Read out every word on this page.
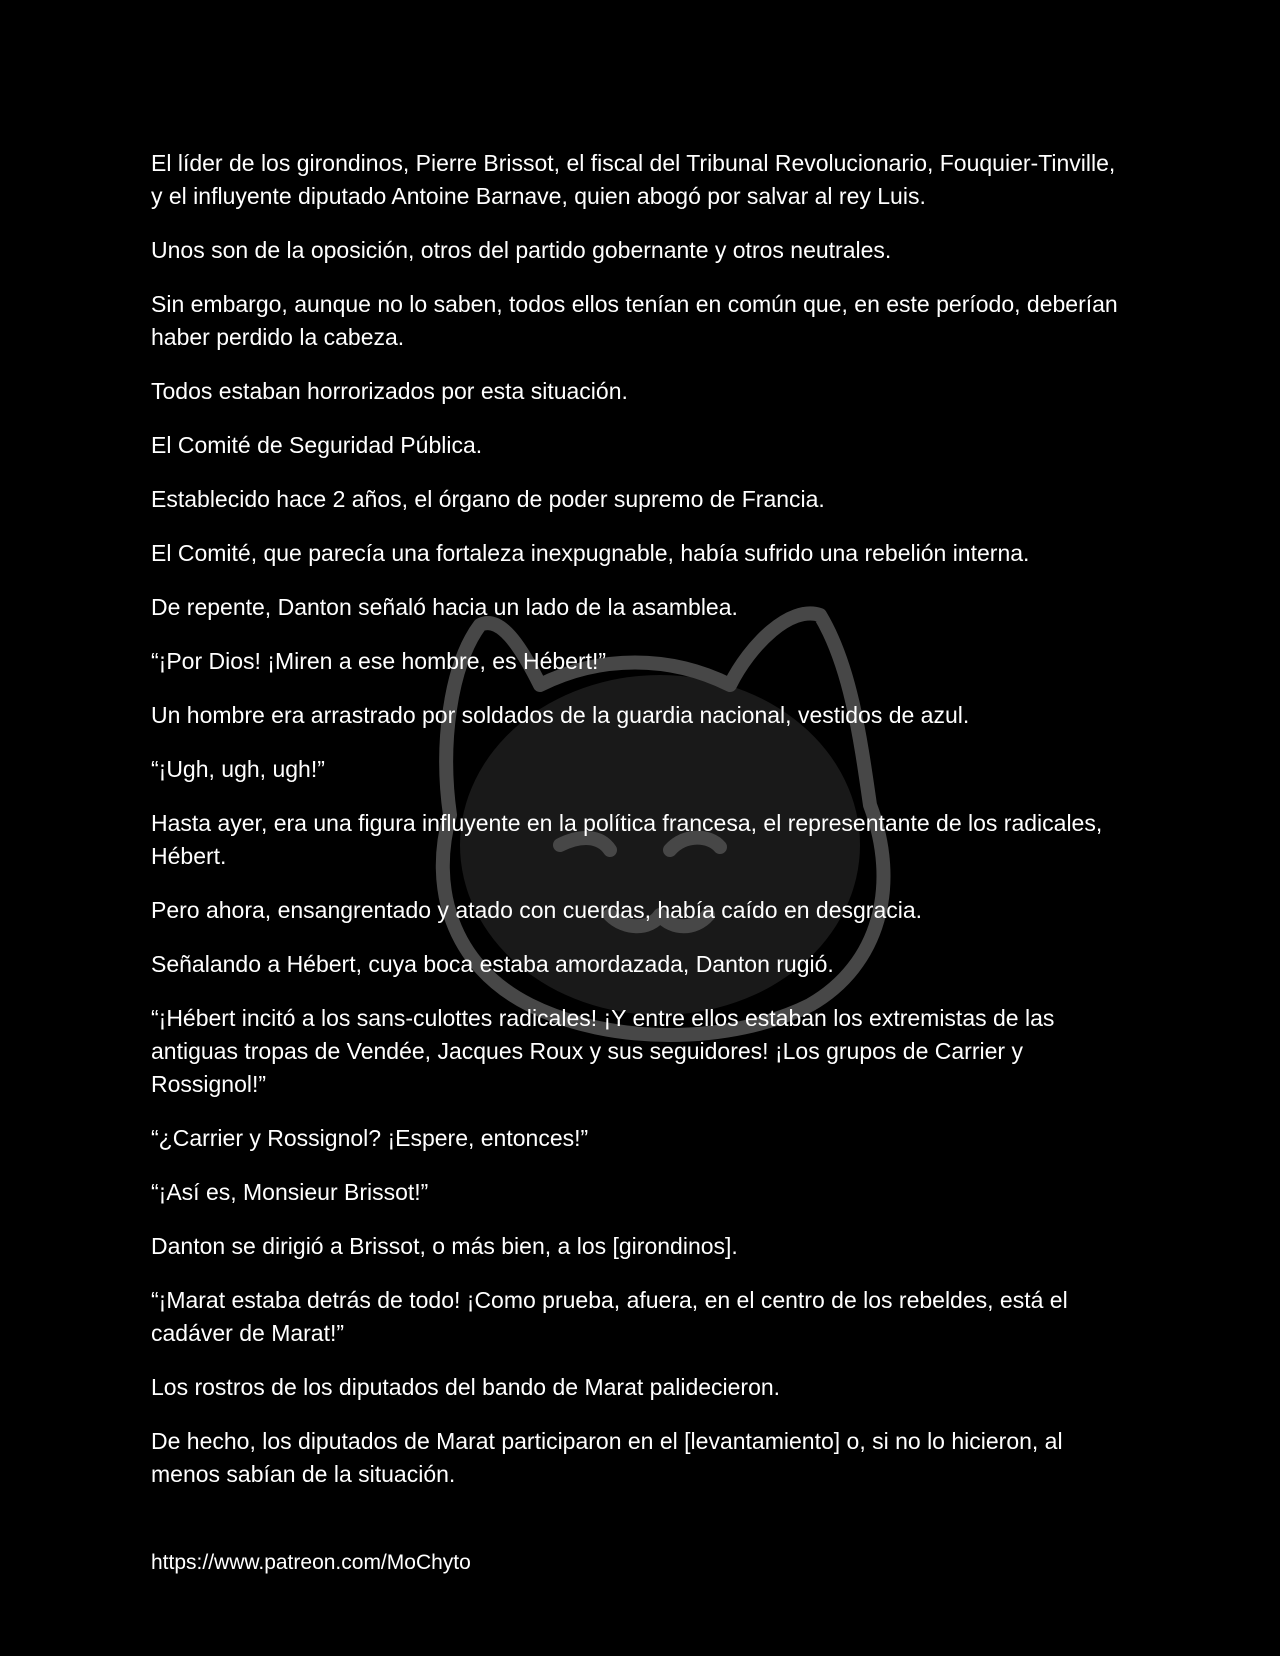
El líder de los girondinos, Pierre Brissot, el fiscal del Tribunal Revolucionario, Fouquier-Tinville, y el influyente diputado Antoine Barnave, quien abogó por salvar al rey Luis.

Unos son de la oposición, otros del partido gobernante y otros neutrales.

Sin embargo, aunque no lo saben, todos ellos tenían en común que, en este período, deberían haber perdido la cabeza.

Todos estaban horrorizados por esta situación.

El Comité de Seguridad Pública.

Establecido hace 2 años, el órgano de poder supremo de Francia.

El Comité, que parecía una fortaleza inexpugnable, había sufrido una rebelión interna.

De repente, Danton señaló hacia un lado de la asamblea.

“¡Por Dios! ¡Miren a ese hombre, es Hébert!”

Un hombre era arrastrado por soldados de la guardia nacional, vestidos de azul.

“¡Ugh, ugh, ugh!”

Hasta ayer, era una figura influyente en la política francesa, el representante de los radicales, Hébert.

Pero ahora, ensangrentado y atado con cuerdas, había caído en desgracia.

Señalando a Hébert, cuya boca estaba amordazada, Danton rugió.

“¡Hébert incitó a los sans-culottes radicales! ¡Y entre ellos estaban los extremistas de las antiguas tropas de Vendée, Jacques Roux y sus seguidores! ¡Los grupos de Carrier y Rossignol!”

“¿Carrier y Rossignol? ¡Espere, entonces!”

“¡Así es, Monsieur Brissot!”

Danton se dirigió a Brissot, o más bien, a los [girondinos].

“¡Marat estaba detrás de todo! ¡Como prueba, afuera, en el centro de los rebeldes, está el cadáver de Marat!”

Los rostros de los diputados del bando de Marat palidecieron.

De hecho, los diputados de Marat participaron en el [levantamiento] o, si no lo hicieron, al menos sabían de la situación.

https://www.patreon.com/MoChyto
